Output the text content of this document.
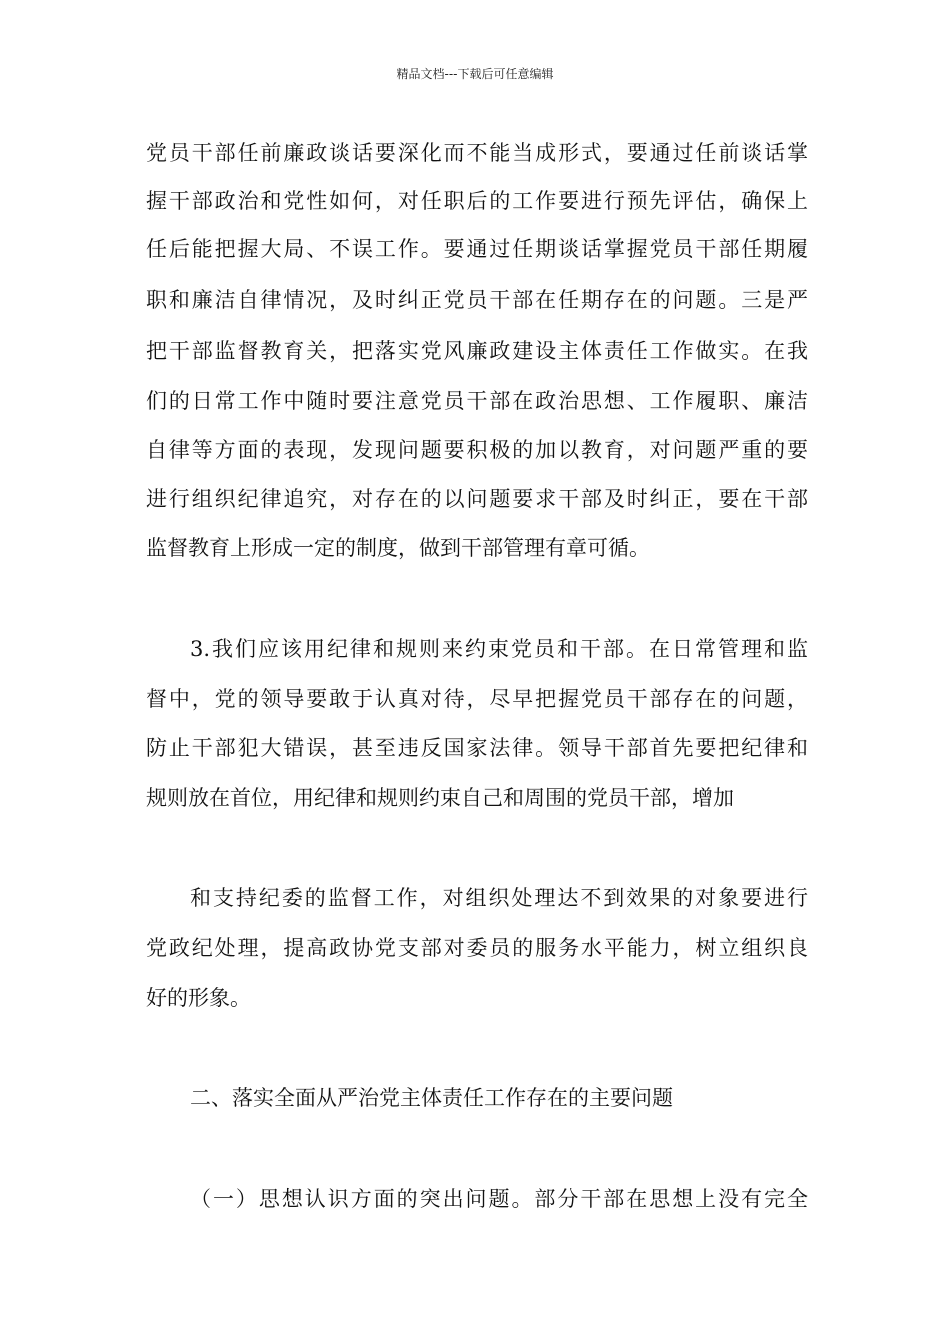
精品文档---下载后可任意编辑
党员干部任前廉政谈话要深化而不能当成形式，要通过任前谈话掌
握干部政治和党性如何，对任职后的工作要进行预先评估，确保上
任后能把握大局、不误工作。要通过任期谈话掌握党员干部任期履
职和廉洁自律情况，及时纠正党员干部在任期存在的问题。三是严
把干部监督教育关，把落实党风廉政建设主体责任工作做实。在我
们的日常工作中随时要注意党员干部在政治思想、工作履职、廉洁
自律等方面的表现，发现问题要积极的加以教育，对问题严重的要
进行组织纪律追究，对存在的以问题要求干部及时纠正，要在干部
监督教育上形成一定的制度，做到干部管理有章可循。
3.我们应该用纪律和规则来约束党员和干部。在日常管理和监
督中，党的领导要敢于认真对待，尽早把握党员干部存在的问题，
防止干部犯大错误，甚至违反国家法律。领导干部首先要把纪律和
规则放在首位，用纪律和规则约束自己和周围的党员干部，增加
和支持纪委的监督工作，对组织处理达不到效果的对象要进行
党政纪处理，提高政协党支部对委员的服务水平能力，树立组织良
好的形象。
二、落实全面从严治党主体责任工作存在的主要问题
（一）思想认识方面的突出问题。部分干部在思想上没有完全
